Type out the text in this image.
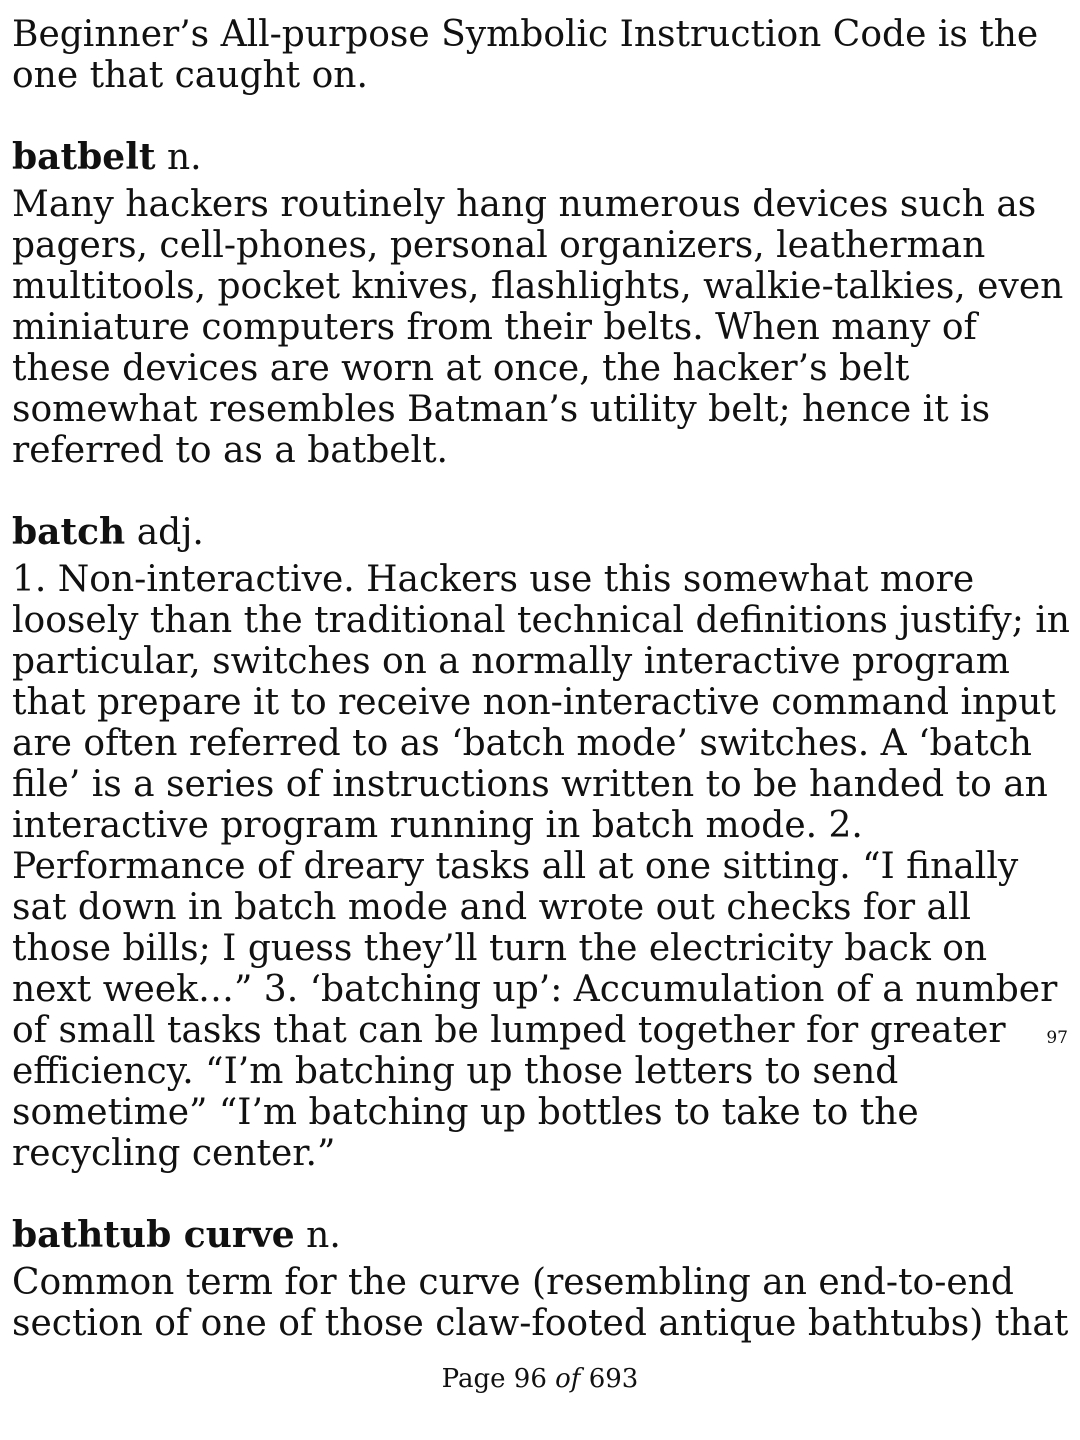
Beginner’s All-purpose Symbolic Instruction Code is the one that caught on.

batbelt n.

Many hackers routinely hang numerous devices such as pagers, cell-phones, personal organizers, leatherman multitools, pocket knives, flashlights, walkie-talkies, even miniature computers from their belts. When many of these devices are worn at once, the hacker’s belt somewhat resembles Batman’s utility belt; hence it is referred to as a batbelt.

batch adj.

1. Non-interactive. Hackers use this somewhat more loosely than the traditional technical definitions justify; in particular, switches on a normally interactive program that prepare it to receive non-interactive command input are often referred to as ‘batch mode’ switches. A ‘batch file’ is a series of instructions written to be handed to an interactive program running in batch mode. 2. Performance of dreary tasks all at one sitting. “I finally sat down in batch mode and wrote out checks for all those bills; I guess they’ll turn the electricity back on next week…” 3. ‘batching up’: Accumulation of a number of small tasks that can be lumped together for greater efficiency. “I’m batching up those letters to send sometime” “I’m batching up bottles to take to the recycling center.”

bathtub curve n.

Common term for the curve (resembling an end-to-end section of one of those claw-footed antique bathtubs) that

97
Page 96 of 693
